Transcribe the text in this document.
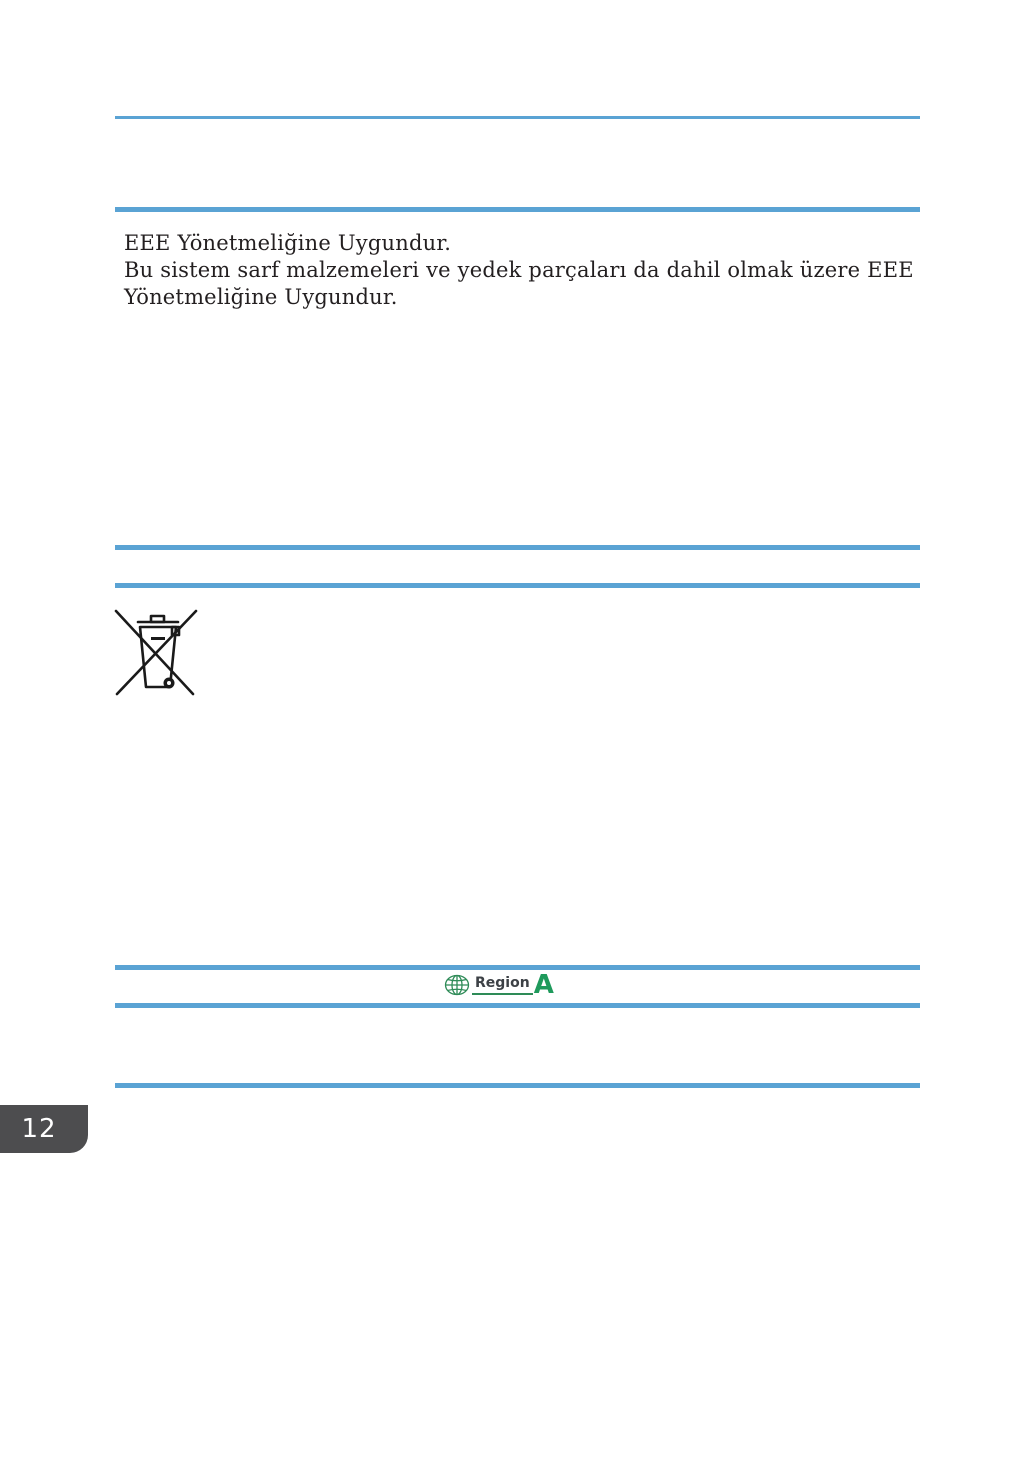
EEE Yönetmeliğine Uygundur.
Bu sistem sarf malzemeleri ve yedek parçaları da dahil olmak üzere EEE
Yönetmeliğine Uygundur.
Region A
12
